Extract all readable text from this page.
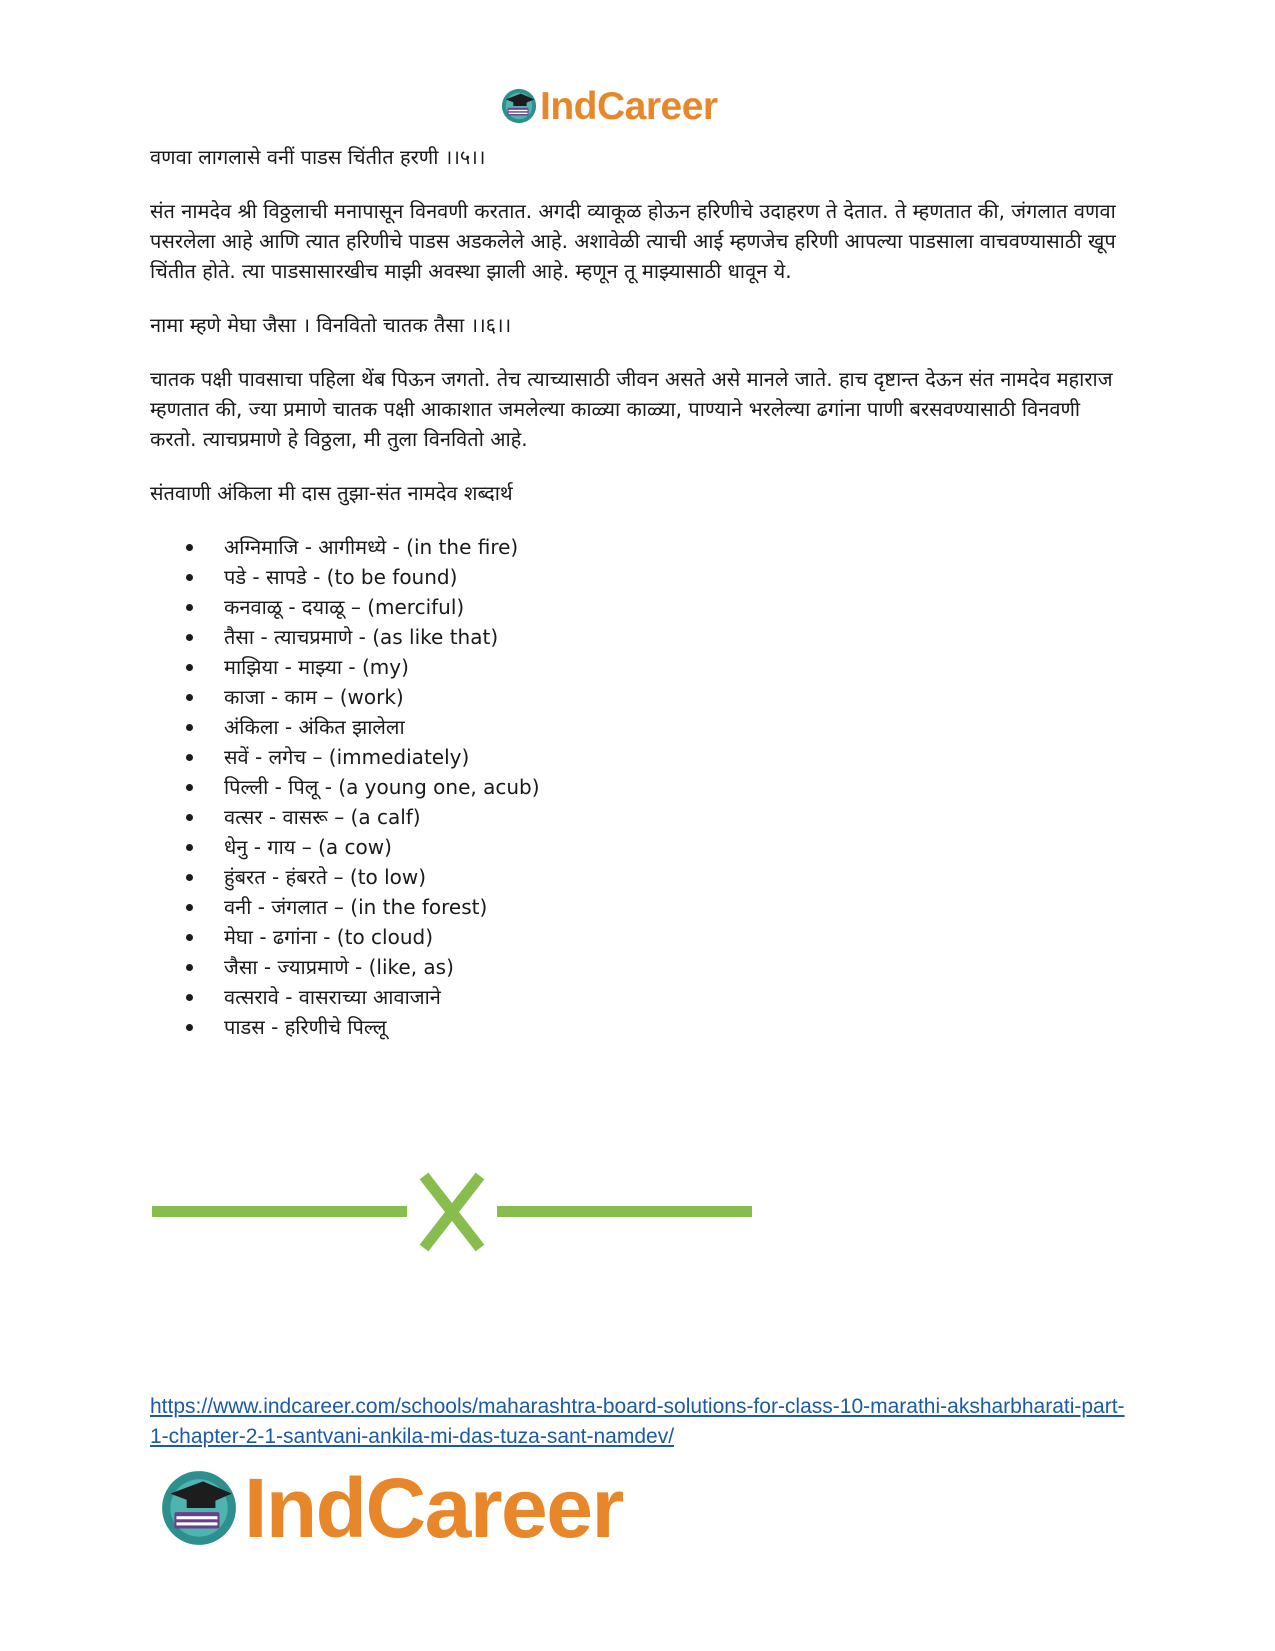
IndCareer

वणवा लागलासे वनीं पाडस चिंतीत हरणी ।।५।।

संत नामदेव श्री विठ्ठलाची मनापासून विनवणी करतात. अगदी व्याकूळ होऊन हरिणीचे उदाहरण ते देतात. ते म्हणतात की, जंगलात वणवा पसरलेला आहे आणि त्यात हरिणीचे पाडस अडकलेले आहे. अशावेळी त्याची आई म्हणजेच हरिणी आपल्या पाडसाला वाचवण्यासाठी खूप चिंतीत होते. त्या पाडसासारखीच माझी अवस्था झाली आहे. म्हणून तू माझ्यासाठी धावून ये.

नामा म्हणे मेघा जैसा । विनवितो चातक तैसा ।।६।।

चातक पक्षी पावसाचा पहिला थेंब पिऊन जगतो. तेच त्याच्यासाठी जीवन असते असे मानले जाते. हाच दृष्टान्त देऊन संत नामदेव महाराज म्हणतात की, ज्या प्रमाणे चातक पक्षी आकाशात जमलेल्या काळ्या काळ्या, पाण्याने भरलेल्या ढगांना पाणी बरसवण्यासाठी विनवणी करतो. त्याचप्रमाणे हे विठ्ठला, मी तुला विनवितो आहे.

संतवाणी अंकिला मी दास तुझा-संत नामदेव शब्दार्थ

अग्निमाजि - आगीमध्ये - (in the fire)
पडे - सापडे - (to be found)
कनवाळू - दयाळू – (merciful)
तैसा - त्याचप्रमाणे - (as like that)
माझिया - माझ्या - (my)
काजा - काम – (work)
अंकिला - अंकित झालेला
सवें - लगेच – (immediately)
पिल्ली - पिलू - (a young one, acub)
वत्सर - वासरू – (a calf)
धेनु - गाय – (a cow)
हुंबरत - हंबरते – (to low)
वनी - जंगलात – (in the forest)
मेघा - ढगांना - (to cloud)
जैसा - ज्याप्रमाणे - (like, as)
वत्सरावे - वासराच्या आवाजाने
पाडस - हरिणीचे पिल्लू
https://www.indcareer.com/schools/maharashtra-board-solutions-for-class-10-marathi-aksharbharati-part-1-chapter-2-1-santvani-ankila-mi-das-tuza-sant-namdev/
IndCareer
